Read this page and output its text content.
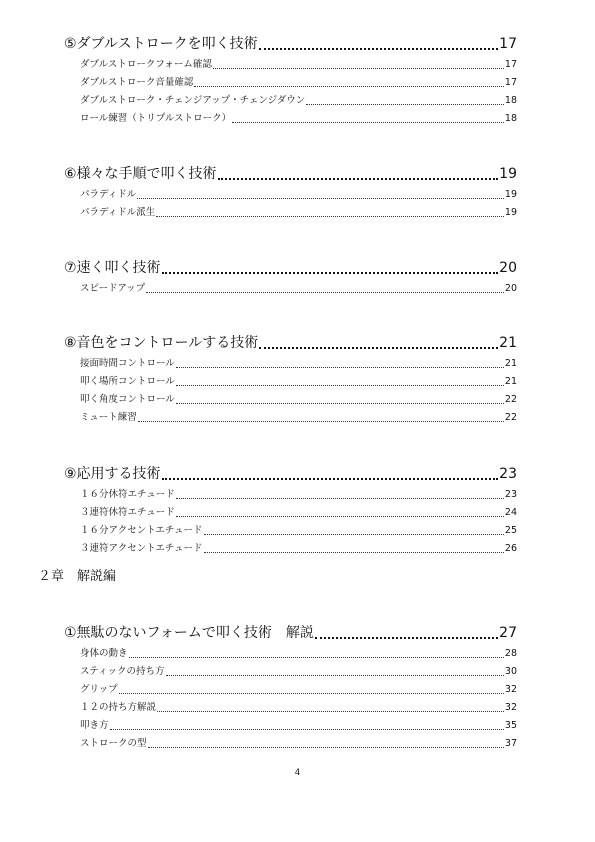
⑤ダブルストロークを叩く技術	17
ダブルストロークフォーム確認	17
ダブルストローク音量確認	17
ダブルストローク・チェンジアップ・チェンジダウン	18
ロール練習（トリプルストローク）	18
⑥様々な手順で叩く技術	19
パラディドル	19
パラディドル派生	19
⑦速く叩く技術	20
スピードアップ	20
⑧音色をコントロールする技術	21
接面時間コントロール	21
叩く場所コントロール	21
叩く角度コントロール	22
ミュート練習	22
⑨応用する技術	23
１６分休符エチュード	23
３連符休符エチュード	24
１６分アクセントエチュード	25
３連符アクセントエチュード	26
２章　解説編
①無駄のないフォームで叩く技術　解説	27
身体の動き	28
スティックの持ち方	30
グリップ	32
１２の持ち方解説	32
叩き方	35
ストロークの型	37
4
